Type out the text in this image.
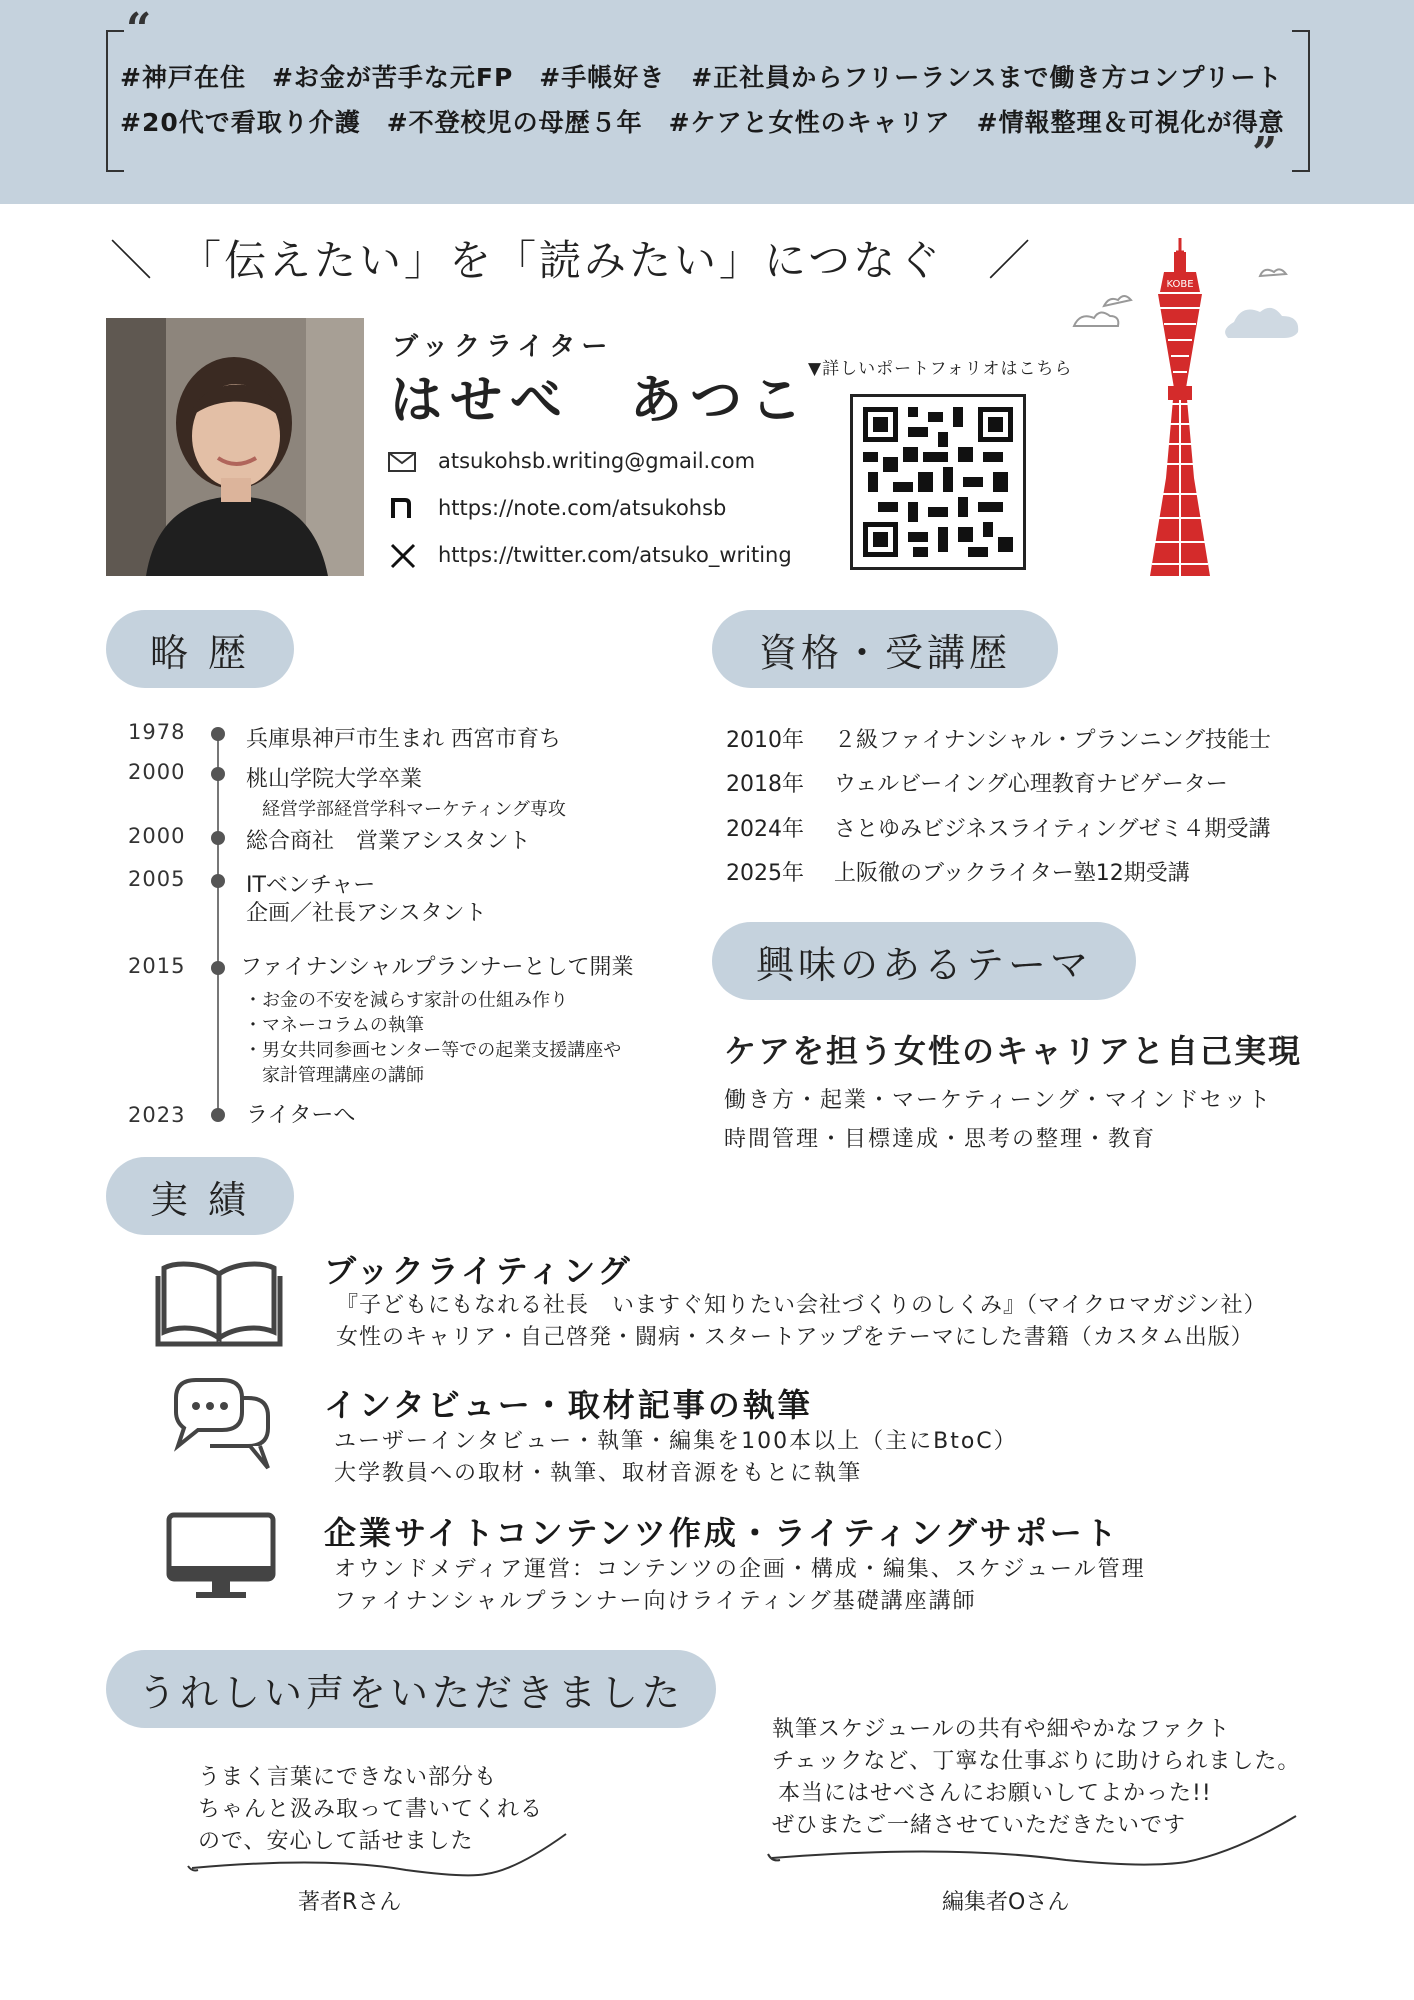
“
”
#神戸在住　#お金が苦手な元FP　#手帳好き　#正社員からフリーランスまで働き方コンプリート
#20代で看取り介護　#不登校児の母歴５年　#ケアと女性のキャリア　#情報整理＆可視化が得意
＼　「伝えたい」を「読みたい」につなぐ　／
ブックライター
はせべ　あつこ
atsukohsb.writing@gmail.com
https://note.com/atsukohsb
https://twitter.com/atsuko_writing
▼詳しいポートフォリオはこちら
KOBE
略 歴
1978	兵庫県神戸市生まれ 西宮市育ち
2000	桃山学院大学卒業
経営学部経営学科マーケティング専攻
2000	総合商社　営業アシスタント
2005	ITベンチャー
企画／社長アシスタント
2015 ファイナンシャルプランナーとして開業
・お金の不安を減らす家計の仕組み作り
・マネーコラムの執筆
・男女共同参画センター等での起業支援講座や
　家計管理講座の講師
2023	ライターへ
資格・受講歴
2010年 ２級ファイナンシャル・プランニング技能士
2018年 ウェルビーイング心理教育ナビゲーター
2024年 さとゆみビジネスライティングゼミ４期受講
2025年 上阪徹のブックライター塾12期受講
興味のあるテーマ
ケアを担う女性のキャリアと自己実現
働き方・起業・マーケティーング・マインドセット
時間管理・目標達成・思考の整理・教育
実 績
ブックライティング
『子どもにもなれる社長　いますぐ知りたい会社づくりのしくみ』（マイクロマガジン社）
女性のキャリア・自己啓発・闘病・スタートアップをテーマにした書籍（カスタム出版）
インタビュー・取材記事の執筆
ユーザーインタビュー・執筆・編集を100本以上（主にBtoC）
大学教員への取材・執筆、取材音源をもとに執筆
企業サイトコンテンツ作成・ライティングサポート
オウンドメディア運営：コンテンツの企画・構成・編集、スケジュール管理
ファイナンシャルプランナー向けライティング基礎講座講師
うれしい声をいただきました
うまく言葉にできない部分も
ちゃんと汲み取って書いてくれる
ので、安心して話せました
著者Rさん
執筆スケジュールの共有や細やかなファクト
チェックなど、丁寧な仕事ぶりに助けられました。
本当にはせべさんにお願いしてよかった!!
ぜひまたご一緒させていただきたいです
編集者Oさん
